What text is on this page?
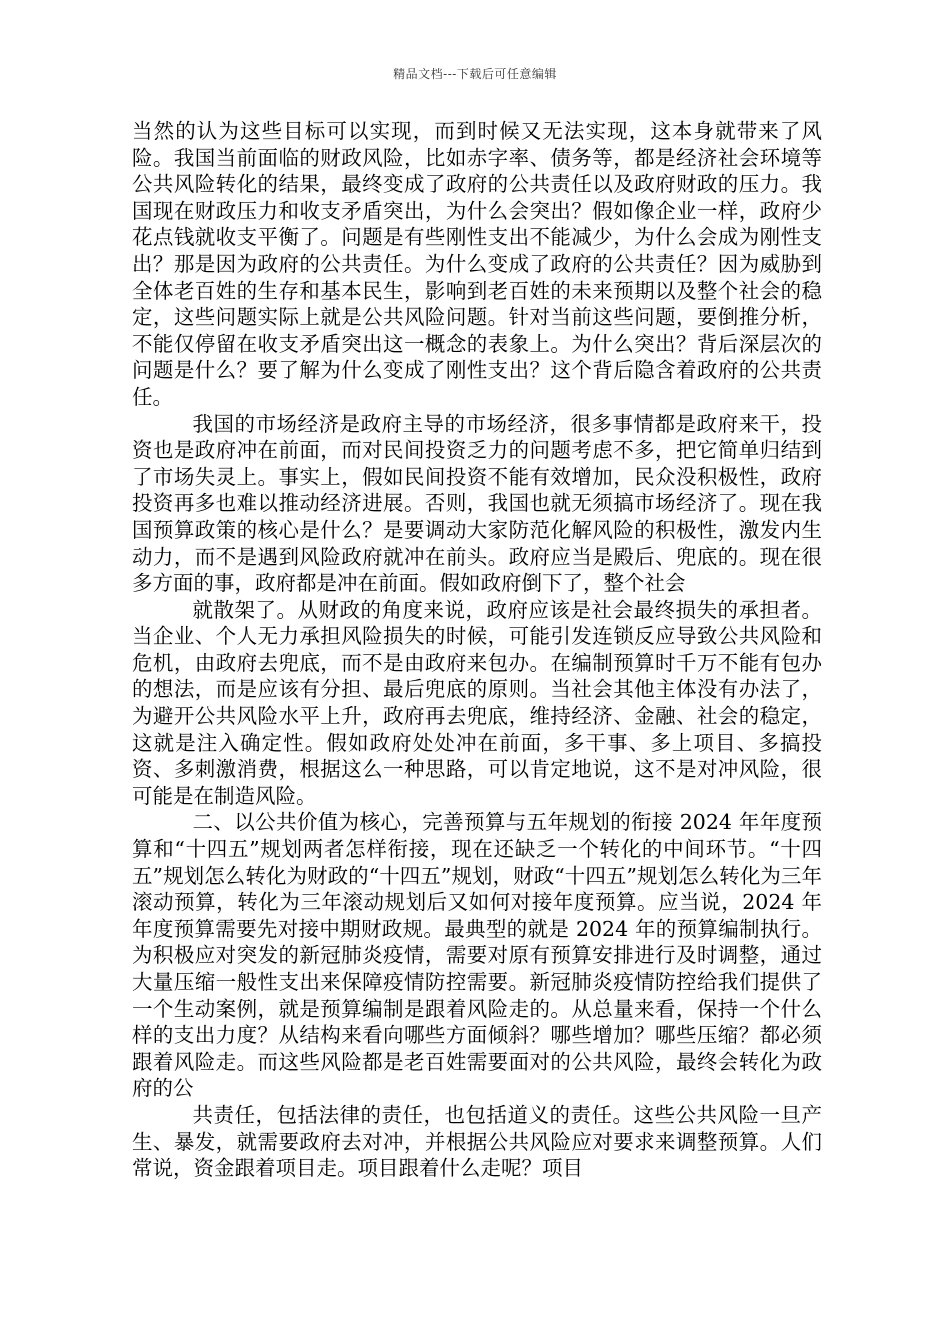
精品文档---下载后可任意编辑

当然的认为这些目标可以实现，而到时候又无法实现，这本身就带来了风险。我国当前面临的财政风险，比如赤字率、债务等，都是经济社会环境等公共风险转化的结果，最终变成了政府的公共责任以及政府财政的压力。我国现在财政压力和收支矛盾突出，为什么会突出？假如像企业一样，政府少花点钱就收支平衡了。问题是有些刚性支出不能减少，为什么会成为刚性支出？那是因为政府的公共责任。为什么变成了政府的公共责任？因为威胁到全体老百姓的生存和基本民生，影响到老百姓的未来预期以及整个社会的稳定，这些问题实际上就是公共风险问题。针对当前这些问题，要倒推分析，不能仅停留在收支矛盾突出这一概念的表象上。为什么突出？背后深层次的问题是什么？要了解为什么变成了刚性支出？这个背后隐含着政府的公共责任。

我国的市场经济是政府主导的市场经济，很多事情都是政府来干，投资也是政府冲在前面，而对民间投资乏力的问题考虑不多，把它简单归结到了市场失灵上。事实上，假如民间投资不能有效增加，民众没积极性，政府投资再多也难以推动经济进展。否则，我国也就无须搞市场经济了。现在我国预算政策的核心是什么？是要调动大家防范化解风险的积极性，激发内生动力，而不是遇到风险政府就冲在前头。政府应当是殿后、兜底的。现在很多方面的事，政府都是冲在前面。假如政府倒下了，整个社会

就散架了。从财政的角度来说，政府应该是社会最终损失的承担者。当企业、个人无力承担风险损失的时候，可能引发连锁反应导致公共风险和危机，由政府去兜底，而不是由政府来包办。在编制预算时千万不能有包办的想法，而是应该有分担、最后兜底的原则。当社会其他主体没有办法了，为避开公共风险水平上升，政府再去兜底，维持经济、金融、社会的稳定，这就是注入确定性。假如政府处处冲在前面，多干事、多上项目、多搞投资、多刺激消费，根据这么一种思路，可以肯定地说，这不是对冲风险，很可能是在制造风险。

二、以公共价值为核心，完善预算与五年规划的衔接 2024 年年度预算和“十四五”规划两者怎样衔接，现在还缺乏一个转化的中间环节。“十四五”规划怎么转化为财政的“十四五”规划，财政“十四五”规划怎么转化为三年滚动预算，转化为三年滚动规划后又如何对接年度预算。应当说，2024 年年度预算需要先对接中期财政规。最典型的就是 2024 年的预算编制执行。为积极应对突发的新冠肺炎疫情，需要对原有预算安排进行及时调整，通过大量压缩一般性支出来保障疫情防控需要。新冠肺炎疫情防控给我们提供了一个生动案例，就是预算编制是跟着风险走的。从总量来看，保持一个什么样的支出力度？从结构来看向哪些方面倾斜？哪些增加？哪些压缩？都必须跟着风险走。而这些风险都是老百姓需要面对的公共风险，最终会转化为政府的公

共责任，包括法律的责任，也包括道义的责任。这些公共风险一旦产生、暴发，就需要政府去对冲，并根据公共风险应对要求来调整预算。人们常说，资金跟着项目走。项目跟着什么走呢？项目
